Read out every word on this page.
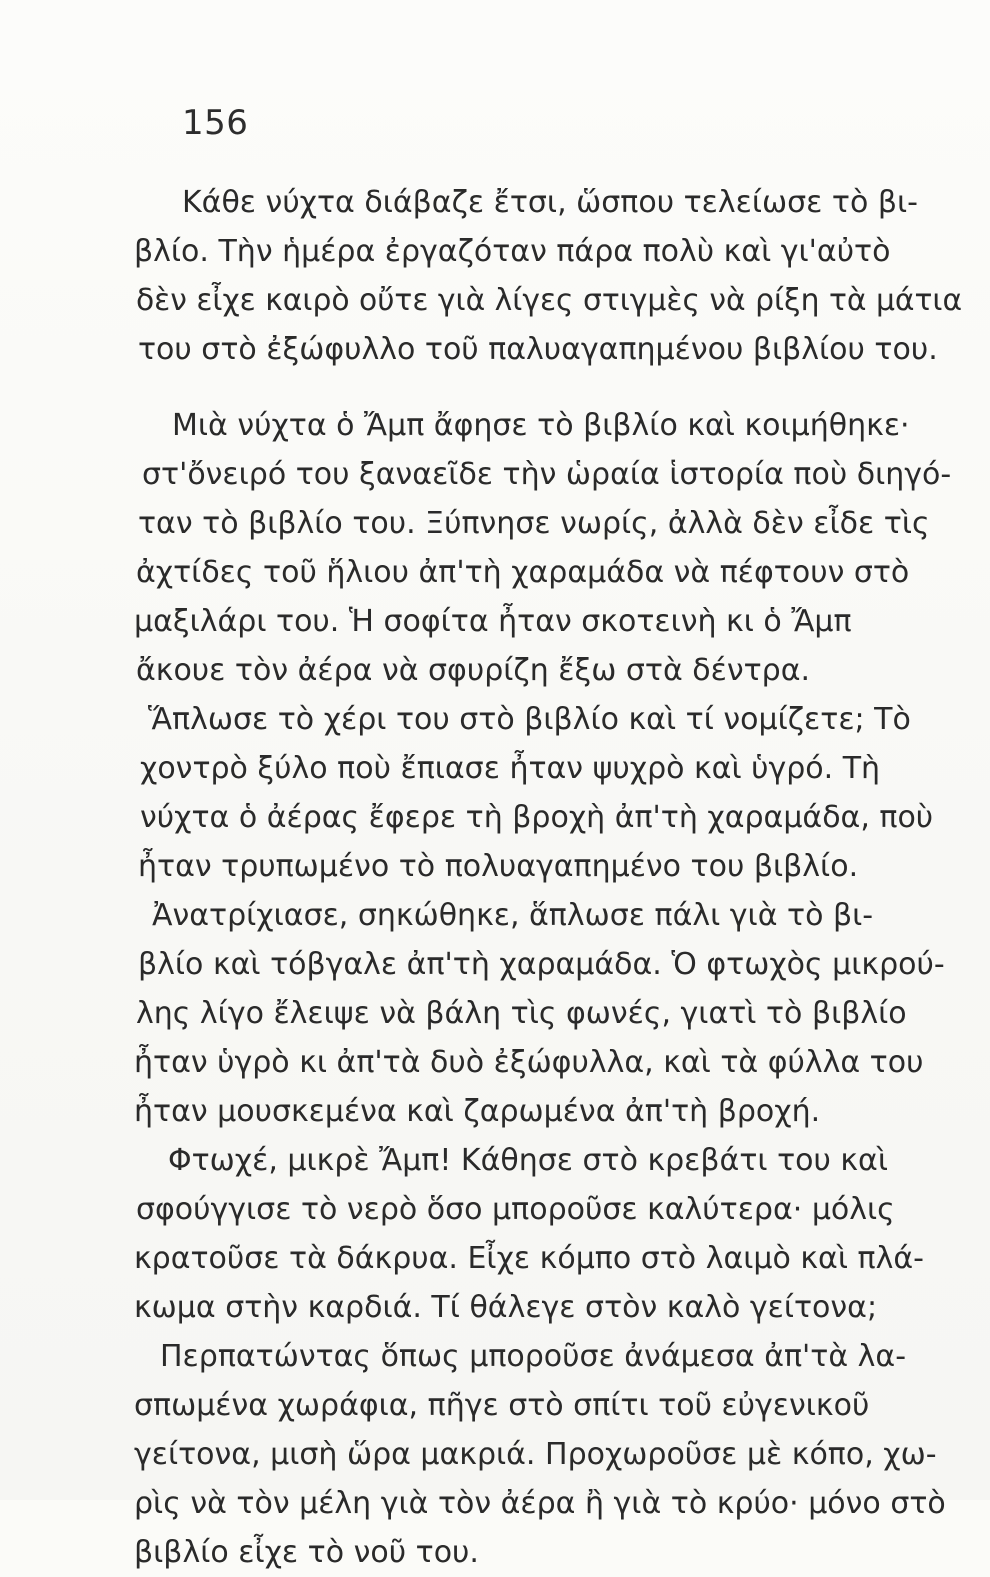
156
Κάθε νύχτα διάβαζε ἔτσι, ὥσπου τελείωσε τὸ βι-
βλίο. Τὴν ἡμέρα ἐργαζόταν πάρα πολὺ καὶ γι'αὐτὸ
δὲν εἶχε καιρὸ οὔτε γιὰ λίγες στιγμὲς νὰ ρίξη τὰ μάτια
του στὸ ἐξώφυλλο τοῦ παλυαγαπημένου βιβλίου του.
Μιὰ νύχτα ὁ Ἄμπ ἄφησε τὸ βιβλίο καὶ κοιμήθηκε·
στ'ὄνειρό του ξαναεῖδε τὴν ὡραία ἱστορία ποὺ διηγό-
ταν τὸ βιβλίο του. Ξύπνησε νωρίς, ἀλλὰ δὲν εἶδε τὶς
ἀχτίδες τοῦ ἥλιου ἀπ'τὴ χαραμάδα νὰ πέφτουν στὸ
μαξιλάρι του. Ἡ σοφίτα ἦταν σκοτεινὴ κι ὁ Ἄμπ
ἄκουε τὸν ἀέρα νὰ σφυρίζη ἔξω στὰ δέντρα.
Ἅπλωσε τὸ χέρι του στὸ βιβλίο καὶ τί νομίζετε; Τὸ
χοντρὸ ξύλο ποὺ ἔπιασε ἦταν ψυχρὸ καὶ ὑγρό. Τὴ
νύχτα ὁ ἀέρας ἔφερε τὴ βροχὴ ἀπ'τὴ χαραμάδα, ποὺ
ἦταν τρυπωμένο τὸ πολυαγαπημένο του βιβλίο.
Ἀνατρίχιασε, σηκώθηκε, ἅπλωσε πάλι γιὰ τὸ βι-
βλίο καὶ τόβγαλε ἀπ'τὴ χαραμάδα. Ὁ φτωχὸς μικρού-
λης λίγο ἔλειψε νὰ βάλη τὶς φωνές, γιατὶ τὸ βιβλίο
ἦταν ὑγρὸ κι ἀπ'τὰ δυὸ ἐξώφυλλα, καὶ τὰ φύλλα του
ἦταν μουσκεμένα καὶ ζαρωμένα ἀπ'τὴ βροχή.
Φτωχέ, μικρὲ Ἄμπ! Κάθησε στὸ κρεβάτι του καὶ
σφούγγισε τὸ νερὸ ὅσο μποροῦσε καλύτερα· μόλις
κρατοῦσε τὰ δάκρυα. Εἶχε κόμπο στὸ λαιμὸ καὶ πλά-
κωμα στὴν καρδιά. Τί θάλεγε στὸν καλὸ γείτονα;
Περπατώντας ὅπως μποροῦσε ἀνάμεσα ἀπ'τὰ λα-
σπωμένα χωράφια, πῆγε στὸ σπίτι τοῦ εὐγενικοῦ
γείτονα, μισὴ ὥρα μακριά. Προχωροῦσε μὲ κόπο, χω-
ρὶς νὰ τὸν μέλη γιὰ τὸν ἀέρα ἢ γιὰ τὸ κρύο· μόνο στὸ
βιβλίο εἶχε τὸ νοῦ του.
